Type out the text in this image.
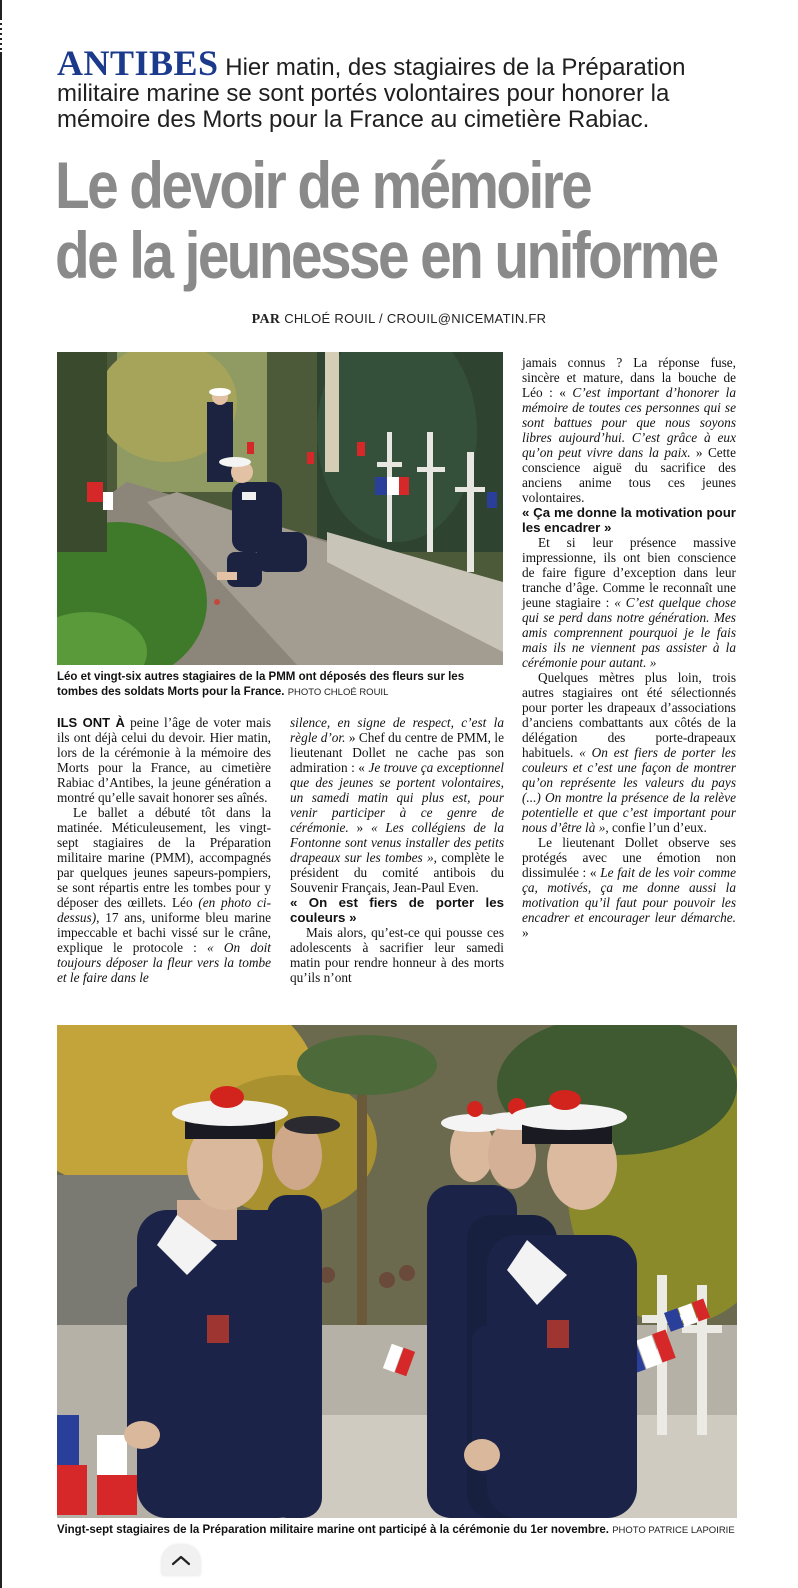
ANTIBES Hier matin, des stagiaires de la Préparation militaire marine se sont portés volontaires pour honorer la mémoire des Morts pour la France au cimetière Rabiac.
Le devoir de mémoire
de la jeunesse en uniforme
PAR CHLOÉ ROUIL / CROUIL@NICEMATIN.FR
Léo et vingt-six autres stagiaires de la PMM ont déposés des fleurs sur les tombes des soldats Morts pour la France. PHOTO CHLOÉ ROUIL

ILS ONT À peine l’âge de voter mais ils ont déjà celui du devoir. Hier matin, lors de la cérémonie à la mémoire des Morts pour la France, au cimetière Rabiac d’Antibes, la jeune génération a montré qu’elle savait honorer ses aînés.

Le ballet a débuté tôt dans la matinée. Méticuleusement, les vingt-sept stagiaires de la Préparation militaire marine (PMM), accompagnés par quelques jeunes sapeurs-pompiers, se sont répartis entre les tombes pour y déposer des œillets. Léo (en photo ci-dessus), 17 ans, uniforme bleu marine impeccable et bachi vissé sur le crâne, explique le protocole : « On doit toujours déposer la fleur vers la tombe et le faire dans le

silence, en signe de respect, c’est la règle d’or. » Chef du centre de PMM, le lieutenant Dollet ne cache pas son admiration : « Je trouve ça exceptionnel que des jeunes se portent volontaires, un samedi matin qui plus est, pour venir participer à ce genre de cérémonie. » « Les collégiens de la Fontonne sont venus installer des petits drapeaux sur les tombes », complète le président du comité antibois du Souvenir Français, Jean-Paul Even.

« On est fiers de porter les couleurs »

Mais alors, qu’est-ce qui pousse ces adolescents à sacrifier leur samedi matin pour rendre honneur à des morts qu’ils n’ont

jamais connus ? La réponse fuse, sincère et mature, dans la bouche de Léo : « C’est important d’honorer la mémoire de toutes ces personnes qui se sont battues pour que nous soyons libres aujourd’hui. C’est grâce à eux qu’on peut vivre dans la paix. » Cette conscience aiguë du sacrifice des anciens anime tous ces jeunes volontaires.

« Ça me donne la motivation pour les encadrer »

Et si leur présence massive impressionne, ils ont bien conscience de faire figure d’exception dans leur tranche d’âge. Comme le reconnaît une jeune stagiaire : « C’est quelque chose qui se perd dans notre génération. Mes amis comprennent pourquoi je le fais mais ils ne viennent pas assister à la cérémonie pour autant. »

Quelques mètres plus loin, trois autres stagiaires ont été sélectionnés pour porter les drapeaux d’associations d’anciens combattants aux côtés de la délégation des porte-drapeaux habituels. « On est fiers de porter les couleurs et c’est une façon de montrer qu’on représente les valeurs du pays (...) On montre la présence de la relève potentielle et que c’est important pour nous d’être là », confie l’un d’eux.

Le lieutenant Dollet observe ses protégés avec une émotion non dissimulée : « Le fait de les voir comme ça, motivés, ça me donne aussi la motivation qu’il faut pour pouvoir les encadrer et encourager leur démarche. »

Vingt-sept stagiaires de la Préparation militaire marine ont participé à la cérémonie du 1er novembre. PHOTO PATRICE LAPOIRIE
